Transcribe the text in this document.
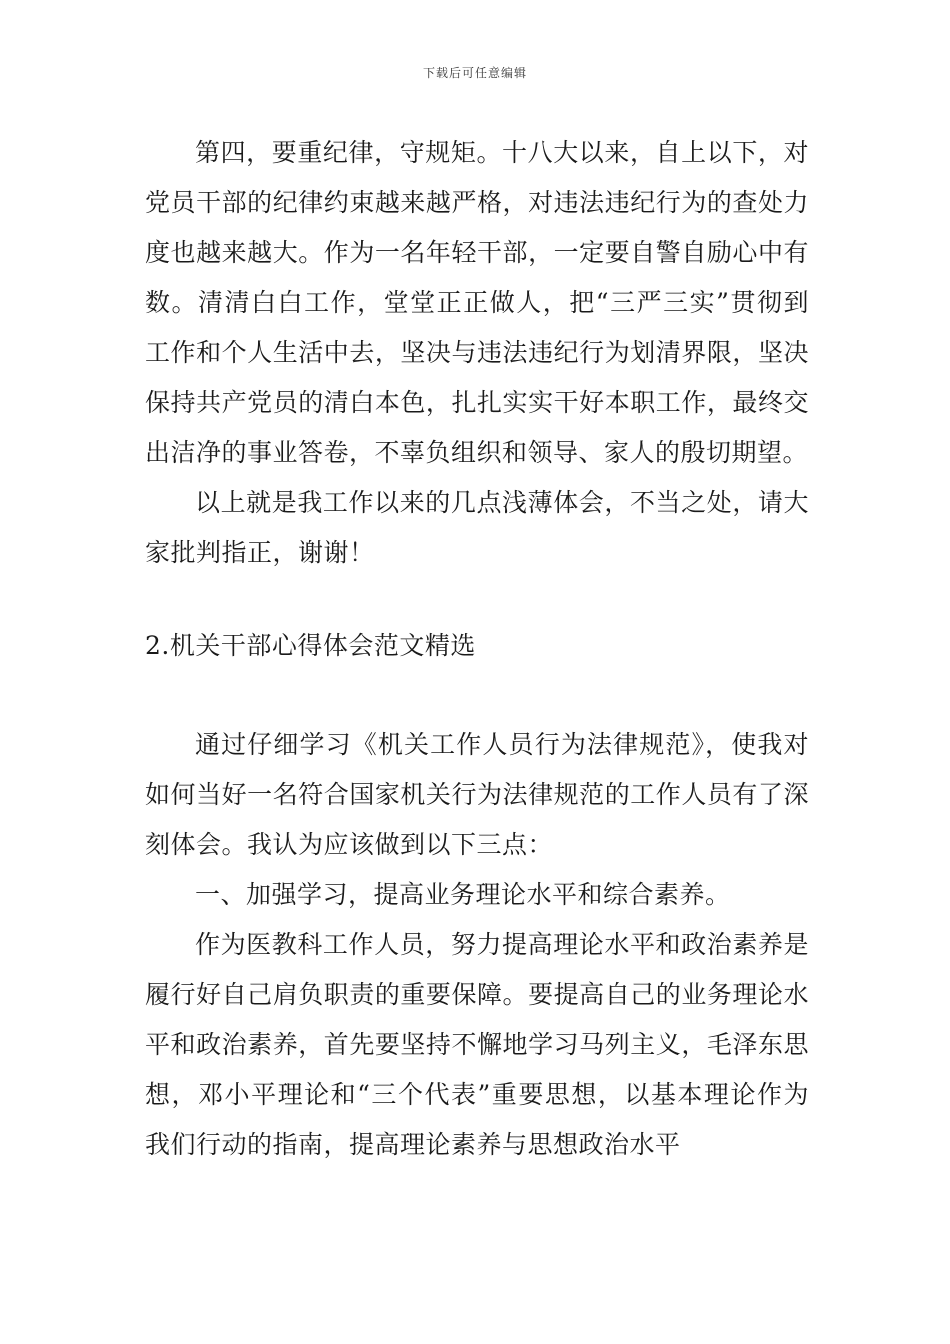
下载后可任意编辑

第四，要重纪律，守规矩。十八大以来，自上以下，对党员干部的纪律约束越来越严格，对违法违纪行为的查处力度也越来越大。作为一名年轻干部，一定要自警自励心中有数。清清白白工作，堂堂正正做人，把“三严三实”贯彻到工作和个人生活中去，坚决与违法违纪行为划清界限，坚决保持共产党员的清白本色，扎扎实实干好本职工作，最终交出洁净的事业答卷，不辜负组织和领导、家人的殷切期望。

以上就是我工作以来的几点浅薄体会，不当之处，请大家批判指正，谢谢！

2.机关干部心得体会范文精选

通过仔细学习《机关工作人员行为法律规范》，使我对如何当好一名符合国家机关行为法律规范的工作人员有了深刻体会。我认为应该做到以下三点：

一、加强学习，提高业务理论水平和综合素养。

作为医教科工作人员，努力提高理论水平和政治素养是履行好自己肩负职责的重要保障。要提高自己的业务理论水平和政治素养，首先要坚持不懈地学习马列主义，毛泽东思想，邓小平理论和“三个代表”重要思想，以基本理论作为我们行动的指南，提高理论素养与思想政治水平
